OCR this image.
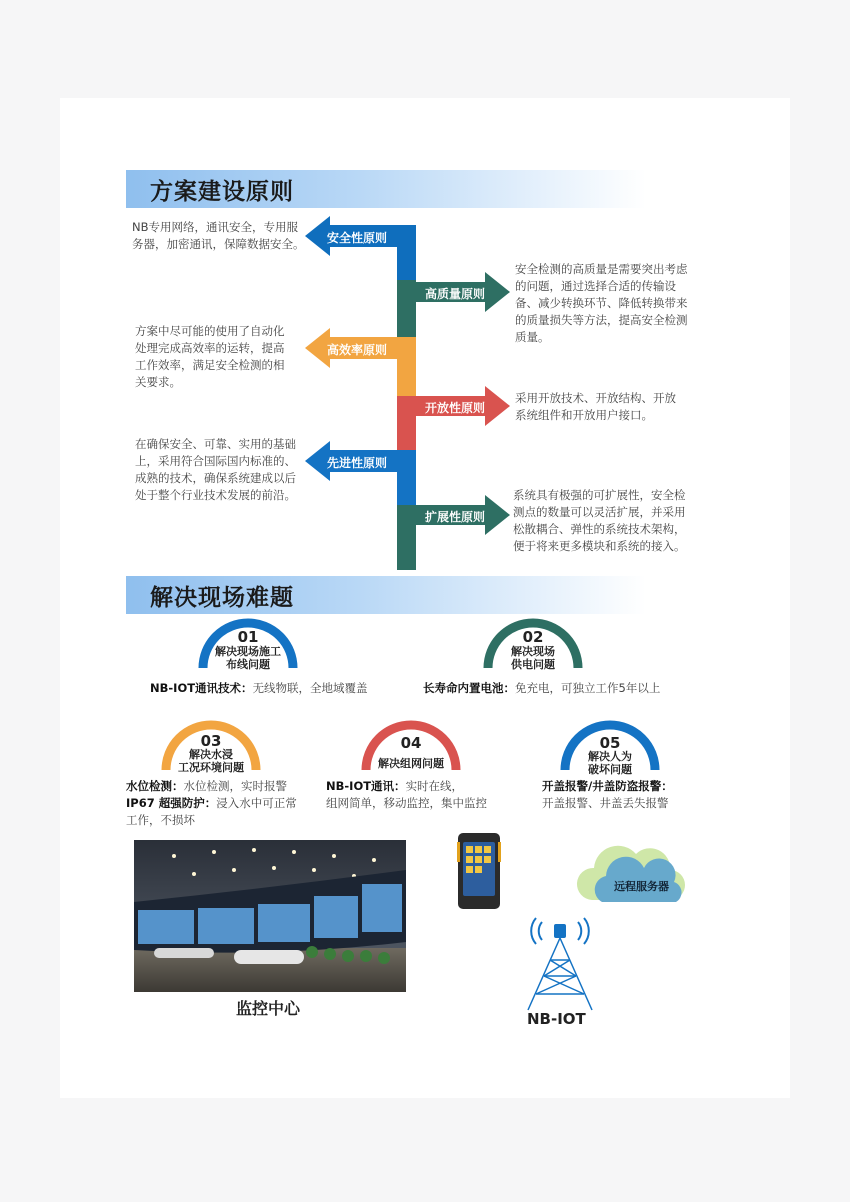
方案建设原则
安全性原则
高质量原则
高效率原则
开放性原则
先进性原则
扩展性原则
NB专用网络，通讯安全，专用服务器，加密通讯，保障数据安全。
安全检测的高质量是需要突出考虑的问题，通过选择合适的传输设备、减少转换环节、降低转换带来的质量损失等方法，提高安全检测质量。
方案中尽可能的使用了自动化处理完成高效率的运转，提高工作效率，满足安全检测的相关要求。
采用开放技术、开放结构、开放系统组件和开放用户接口。
在确保安全、可靠、实用的基础上，采用符合国际国内标准的、成熟的技术，确保系统建成以后处于整个行业技术发展的前沿。	系统具有极强的可扩展性，安全检测点的数量可以灵活扩展，并采用松散耦合、弹性的系统技术架构，便于将来更多模块和系统的接入。
解决现场难题
01
解决现场施工
布线问题
NB-IOT通讯技术：无线物联，全地域覆盖
02
解决现场
供电问题
长寿命内置电池：免充电，可独立工作5年以上
03
解决水浸
工况环境问题
水位检测：水位检测，实时报警
IP67 超强防护：浸入水中可正常
工作，不损坏
04
解决组网问题
NB-IOT通讯：实时在线，
组网简单，移动监控，集中监控
05
解决人为
破坏问题
开盖报警/井盖防盗报警：
开盖报警、井盖丢失报警
监控中心
远程服务器
NB-IOT
